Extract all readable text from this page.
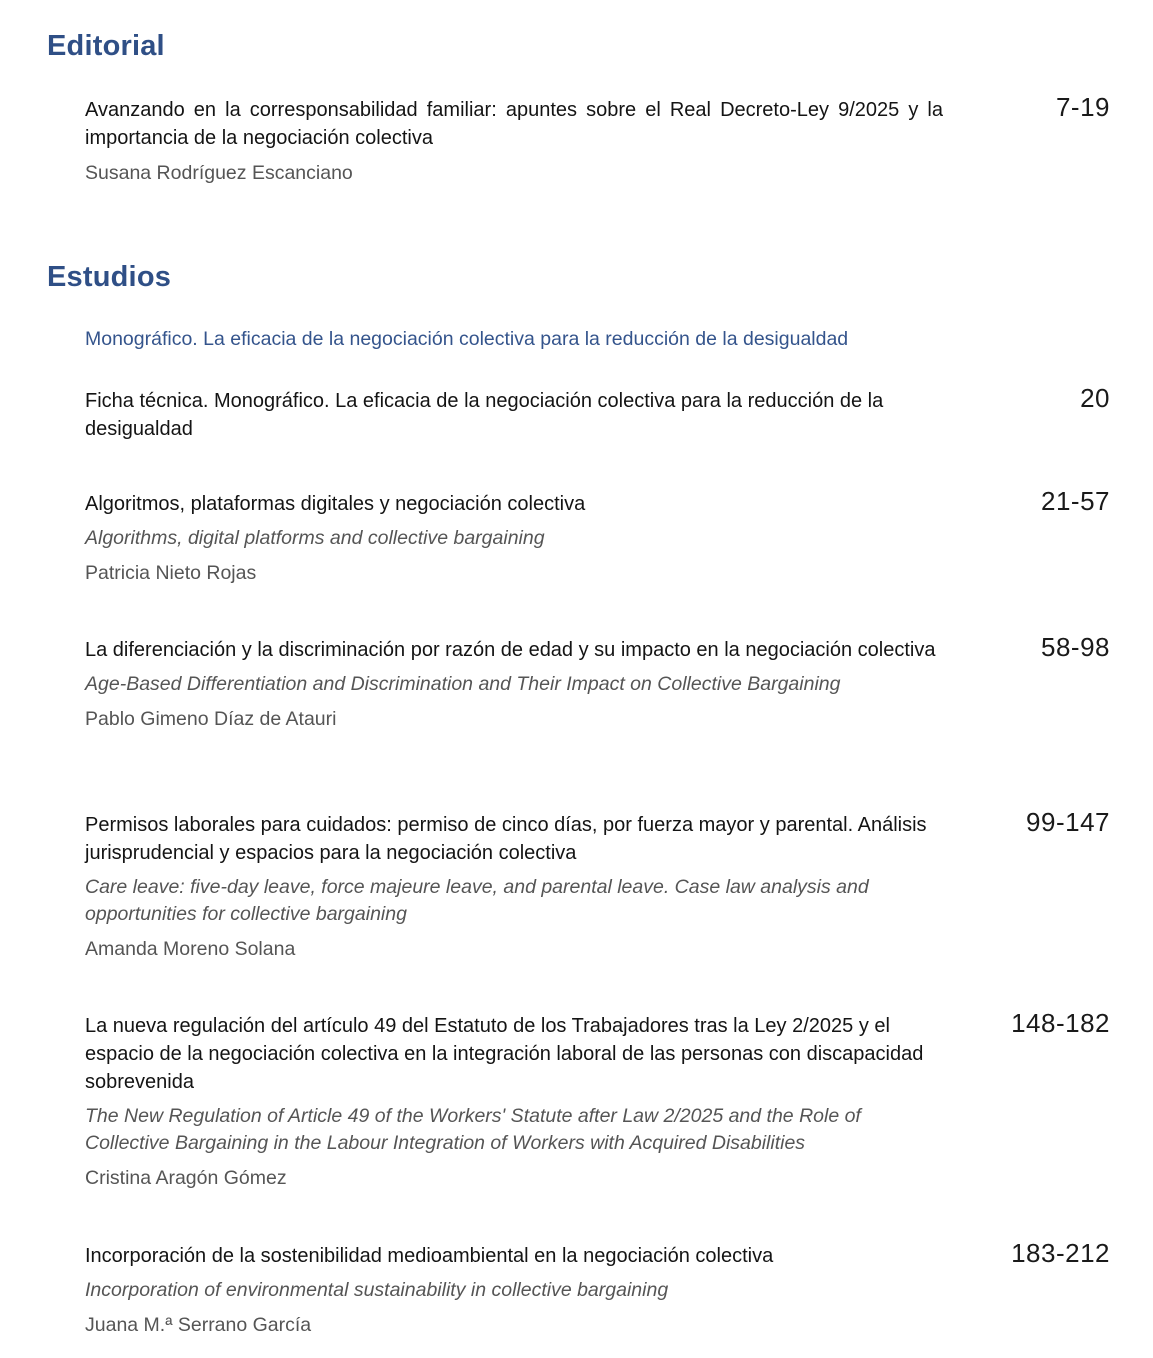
Editorial

Avanzando en la corresponsabilidad familiar: apuntes sobre el Real Decreto-Ley 9/2025 y la importancia de la negociación colectiva

Susana Rodríguez Escanciano

7-19
Estudios

Monográfico. La eficacia de la negociación colectiva para la reducción de la desigualdad

Ficha técnica. Monográfico. La eficacia de la negociación colectiva para la reducción de la desigualdad

20

Algoritmos, plataformas digitales y negociación colectiva

Algorithms, digital platforms and collective bargaining

Patricia Nieto Rojas

21-57

La diferenciación y la discriminación por razón de edad y su impacto en la negociación colectiva

Age-Based Differentiation and Discrimination and Their Impact on Collective Bargaining

Pablo Gimeno Díaz de Atauri

58-98

Permisos laborales para cuidados: permiso de cinco días, por fuerza mayor y parental. Análisis jurisprudencial y espacios para la negociación colectiva

Care leave: five-day leave, force majeure leave, and parental leave. Case law analysis and opportunities for collective bargaining

Amanda Moreno Solana

99-147

La nueva regulación del artículo 49 del Estatuto de los Trabajadores tras la Ley 2/2025 y el espacio de la negociación colectiva en la integración laboral de las personas con discapacidad sobrevenida

The New Regulation of Article 49 of the Workers' Statute after Law 2/2025 and the Role of Collective Bargaining in the Labour Integration of Workers with Acquired Disabilities

Cristina Aragón Gómez

148-182

Incorporación de la sostenibilidad medioambiental en la negociación colectiva

Incorporation of environmental sustainability in collective bargaining

Juana M.ª Serrano García

183-212
